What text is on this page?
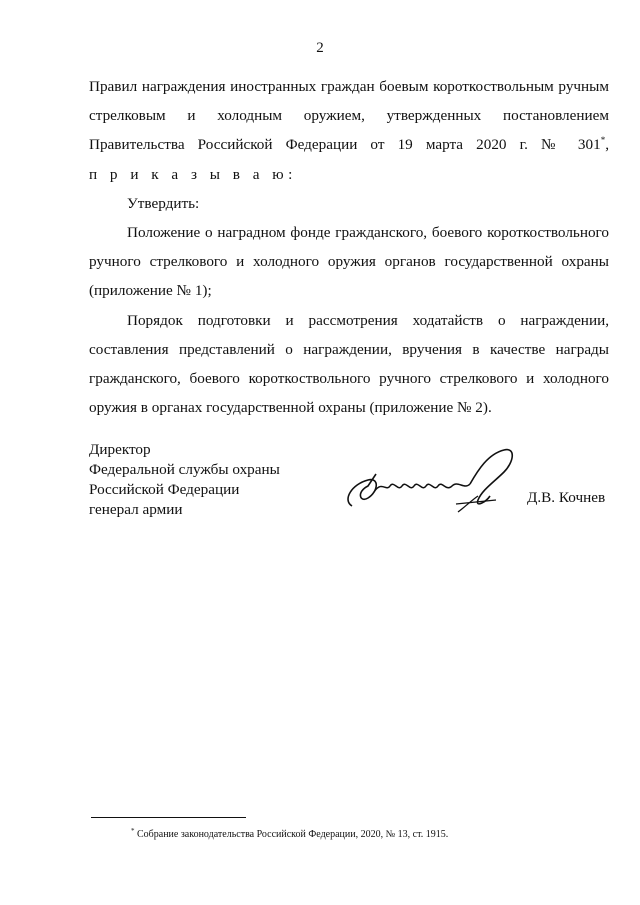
2

Правил награждения иностранных граждан боевым короткоствольным ручным стрелковым и холодным оружием, утвержденных постановлением Правительства Российской Федерации от 19 марта 2020 г. № 301*,

п р и к а з ы в а ю:

Утвердить:

Положение о наградном фонде гражданского, боевого короткоствольного ручного стрелкового и холодного оружия органов государственной охраны (приложение № 1);

Порядок подготовки и рассмотрения ходатайств о награждении, составления представлений о награждении, вручения в качестве награды гражданского, боевого короткоствольного ручного стрелкового и холодного оружия в органах государственной охраны (приложение № 2).

Директор
Федеральной службы охраны
Российской Федерации
генерал армии
Д.В. Кочнев
* Собрание законодательства Российской Федерации, 2020, № 13, ст. 1915.
